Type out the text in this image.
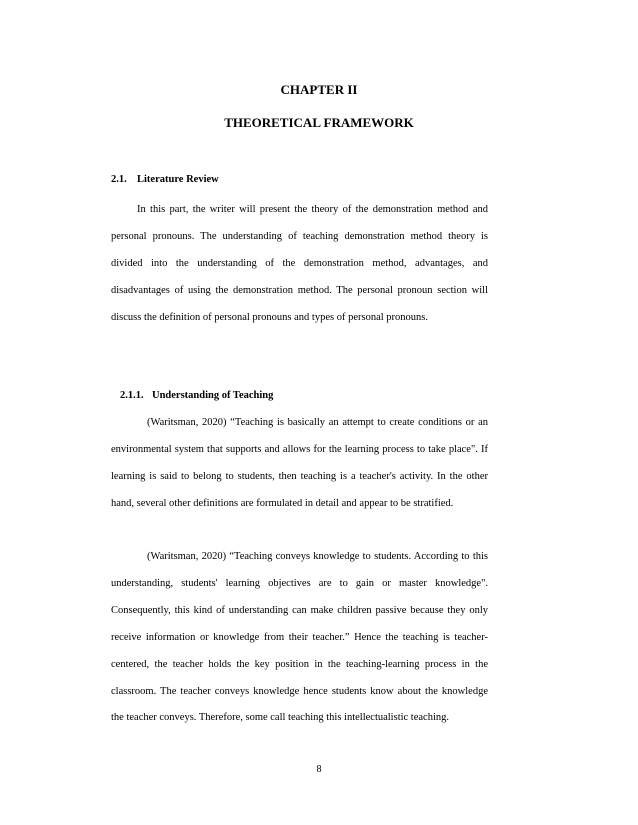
CHAPTER II

THEORETICAL FRAMEWORK

2.1. Literature Review

In this part, the writer will present the theory of the demonstration method and personal pronouns. The understanding of teaching demonstration method theory is divided into the understanding of the demonstration method, advantages, and disadvantages of using the demonstration method. The personal pronoun section will discuss the definition of personal pronouns and types of personal pronouns.

2.1.1. Understanding of Teaching

(Waritsman, 2020) “Teaching is basically an attempt to create conditions or an environmental system that supports and allows for the learning process to take place". If learning is said to belong to students, then teaching is a teacher's activity. In the other hand, several other definitions are formulated in detail and appear to be stratified.

(Waritsman, 2020) “Teaching conveys knowledge to students. According to this understanding, students' learning objectives are to gain or master knowledge". Consequently, this kind of understanding can make children passive because they only receive information or knowledge from their teacher.” Hence the teaching is teacher-centered, the teacher holds the key position in the teaching-learning process in the classroom. The teacher conveys knowledge hence students know about the knowledge the teacher conveys. Therefore, some call teaching this intellectualistic teaching.

8
